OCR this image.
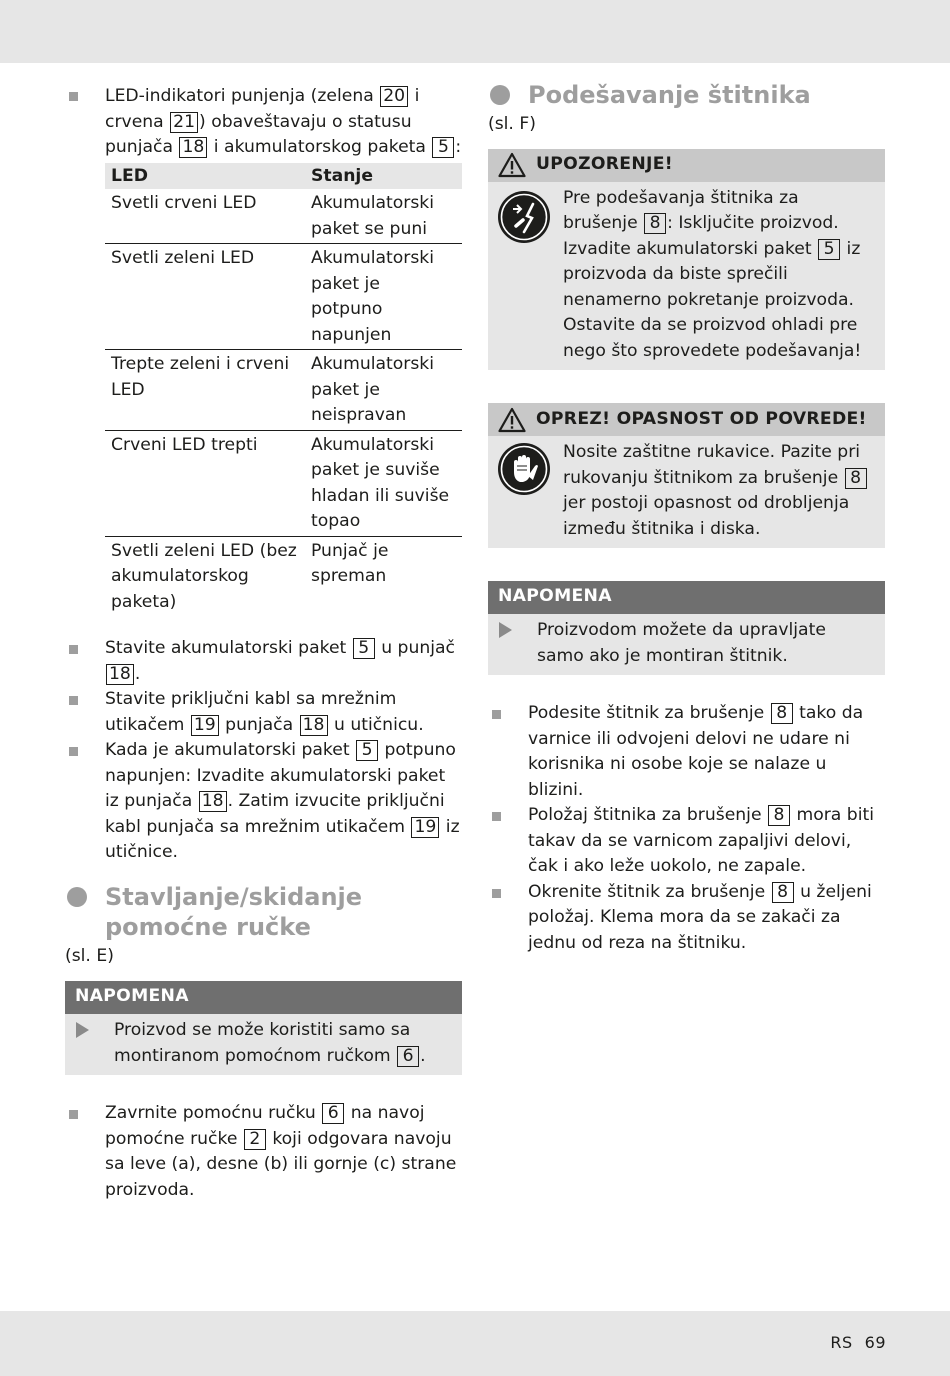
LED-indikatori punjenja (zelena 20 i crvena 21 ) obaveštavaju o statusu punjača 18 i akumulatorskog paketa 5 :
LED	Stanje
Svetli crveni LED	Akumulatorski paket se puni
Svetli zeleni LED	Akumulatorski paket je potpuno napunjen
Trepte zeleni i crveni LED	Akumulatorski paket je neispravan
Crveni LED trepti	Akumulatorski paket je suviše hladan ili suviše topao
Svetli zeleni LED (bez akumulatorskog paketa)	Punjač je spreman
Stavite akumulatorski paket 5 u punjač 18 .
Stavite priključni kabl sa mrežnim utikačem 19 punjača 18 u utičnicu.
Kada je akumulatorski paket 5 potpuno napunjen: Izvadite akumulatorski paket iz punjača 18 . Zatim izvucite priključni kabl punjača sa mrežnim utikačem 19 iz utičnice.
Stavljanje/skidanje pomoćne ručke
(sl. E)
NAPOMENA
Proizvod se može koristiti samo sa montiranom pomoćnom ručkom 6 .
Zavrnite pomoćnu ručku 6 na navoj pomoćne ručke 2 koji odgovara navoju sa leve (a), desne (b) ili gornje (c) strane proizvoda.
Podešavanje štitnika
(sl. F)
UPOZORENJE!
Pre podešavanja štitnika za brušenje 8 : Isključite proizvod. Izvadite akumulatorski paket 5 iz proizvoda da biste sprečili nenamerno pokretanje proizvoda. Ostavite da se proizvod ohladi pre nego što sprovedete podešavanja!
OPREZ! OPASNOST OD POVREDE!
Nosite zaštitne rukavice. Pazite pri rukovanju štitnikom za brušenje 8 jer postoji opasnost od drobljenja između štitnika i diska.
NAPOMENA
Proizvodom možete da upravljate samo ako je montiran štitnik.
Podesite štitnik za brušenje 8 tako da varnice ili odvojeni delovi ne udare ni korisnika ni osobe koje se nalaze u blizini.
Položaj štitnika za brušenje 8 mora biti takav da se varnicom zapaljivi delovi, čak i ako leže uokolo, ne zapale.
Okrenite štitnik za brušenje 8 u željeni položaj. Klema mora da se zakači za jednu od reza na štitniku.
RS 69
